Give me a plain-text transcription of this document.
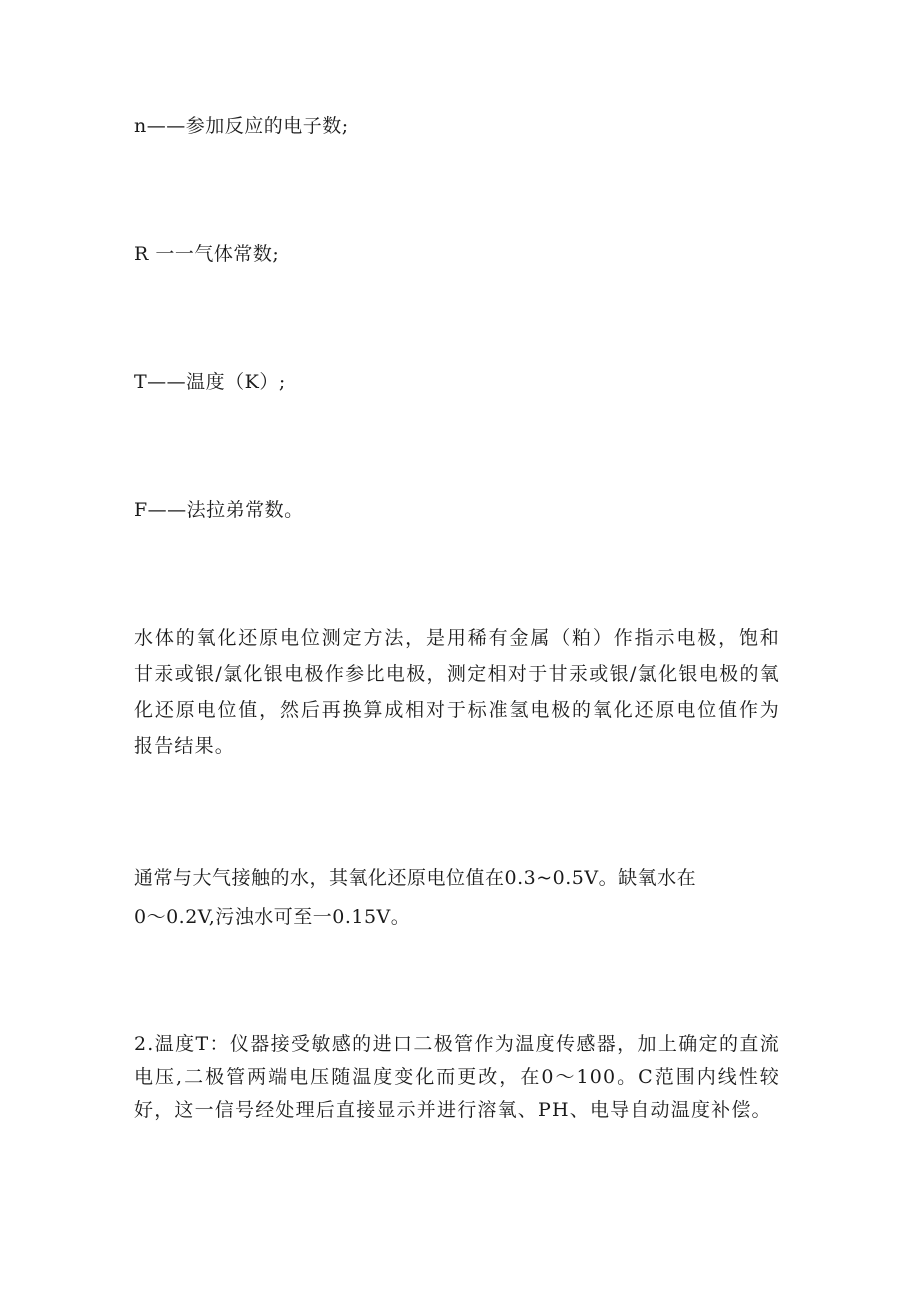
n——参加反应的电子数;
R 一一气体常数;
T——温度（K）;
F——法拉弟常数。
水体的氧化还原电位测定方法，是用稀有金属（粕）作指示电极，饱和甘汞或银/氯化银电极作参比电极，测定相对于甘汞或银/氯化银电极的氧化还原电位值，然后再换算成相对于标准氢电极的氧化还原电位值作为报告结果。
通常与大气接触的水，其氧化还原电位值在0.3~0.5V。缺氧水在
0～0.2V,污浊水可至一0.15V。
2.温度T：仪器接受敏感的进口二极管作为温度传感器，加上确定的直流电压,二极管两端电压随温度变化而更改，在0～100。C范围内线性较好，这一信号经处理后直接显示并进行溶氧、PH、电导自动温度补偿。
